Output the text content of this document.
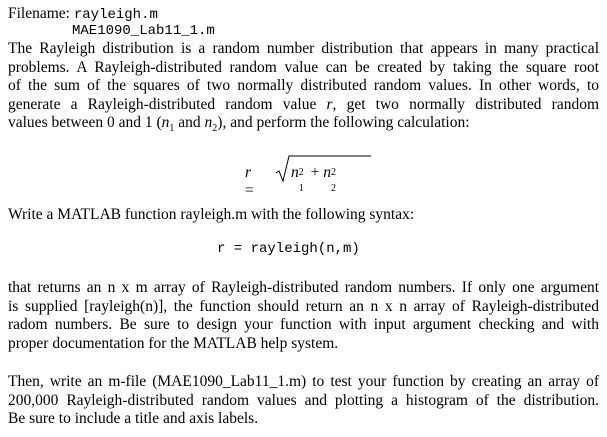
Filename: rayleigh.m
MAE1090_Lab11_1.m
The Rayleigh distribution is a random number distribution that appears in many practical
problems. A Rayleigh-distributed random value can be created by taking the square root
of the sum of the squares of two normally distributed random values. In other words, to
generate a Rayleigh-distributed random value r, get two normally distributed random
values between 0 and 1 ($n_1$ and $n_2$), and perform the following calculation:
r =
n 2
1
+ n 2
2
Write a MATLAB function rayleigh.m with the following syntax:
r = rayleigh(n,m)
that returns an n x m array of Rayleigh-distributed random numbers. If only one argument
is supplied [rayleigh(n)], the function should return an n x n array of Rayleigh-distributed
radom numbers. Be sure to design your function with input argument checking and with
proper documentation for the MATLAB help system.
Then, write an m-file (MAE1090_Lab11_1.m) to test your function by creating an array of
200,000 Rayleigh-distributed random values and plotting a histogram of the distribution.
Be sure to include a title and axis labels.
